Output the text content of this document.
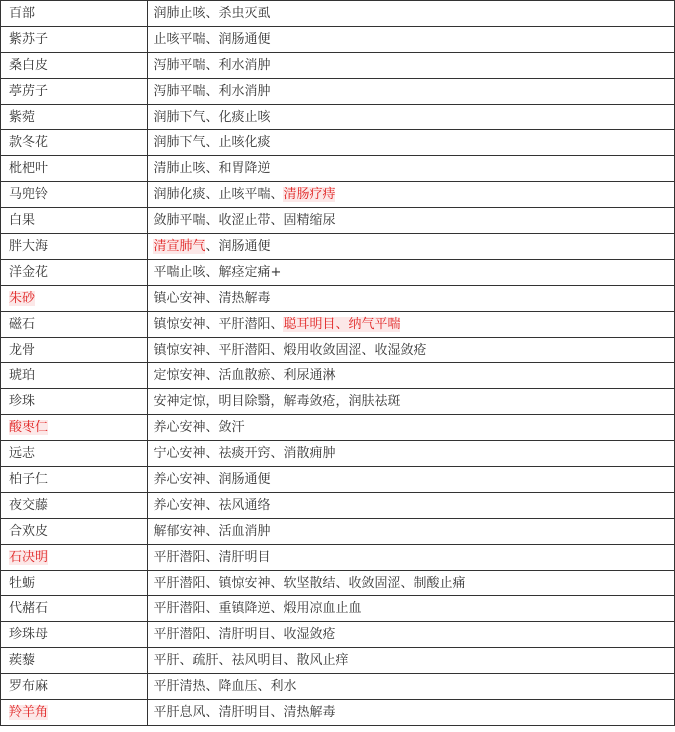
百部	润肺止咳、杀虫灭虱
紫苏子	止咳平喘、润肠通便
桑白皮	泻肺平喘、利水消肿
葶苈子	泻肺平喘、利水消肿
紫菀	润肺下气、化痰止咳
款冬花	润肺下气、止咳化痰
枇杷叶	清肺止咳、和胃降逆
马兜铃	润肺化痰、止咳平喘、清肠疗痔
白果	敛肺平喘、收涩止带、固精缩尿
胖大海	清宣肺气、润肠通便
洋金花	平喘止咳、解痉定痛+
朱砂	镇心安神、清热解毒
磁石	镇惊安神、平肝潜阳、聪耳明目、纳气平喘
龙骨	镇惊安神、平肝潜阳、煅用收敛固涩、收湿敛疮
琥珀	定惊安神、活血散瘀、利尿通淋
珍珠	安神定惊，明目除翳，解毒敛疮，润肤祛斑
酸枣仁	养心安神、敛汗
远志	宁心安神、祛痰开窍、消散痈肿
柏子仁	养心安神、润肠通便
夜交藤	养心安神、祛风通络
合欢皮	解郁安神、活血消肿
石决明	平肝潜阳、清肝明目
牡蛎	平肝潜阳、镇惊安神、软坚散结、收敛固涩、制酸止痛
代赭石	平肝潜阳、重镇降逆、煅用凉血止血
珍珠母	平肝潜阳、清肝明目、收湿敛疮
蒺藜	平肝、疏肝、祛风明目、散风止痒
罗布麻	平肝清热、降血压、利水
羚羊角	平肝息风、清肝明目、清热解毒
